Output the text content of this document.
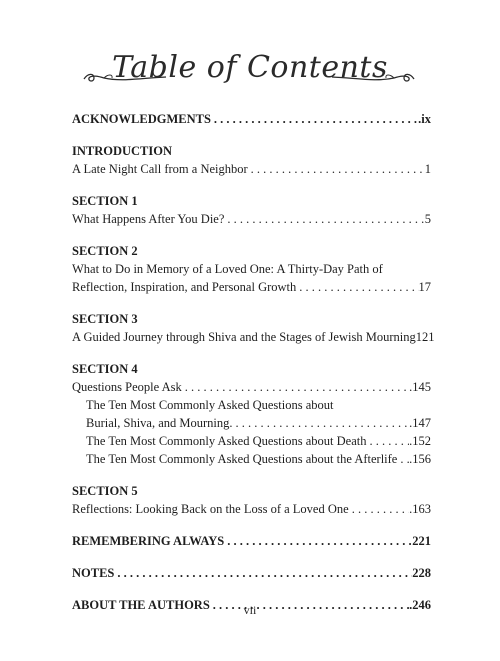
Table of Contents
ACKNOWLEDGMENTS . . .	.ix
INTRODUCTION
A Late Night Call from a Neighbor . . .	1
SECTION 1
What Happens After You Die? . . .	5
SECTION 2
What to Do in Memory of a Loved One: A Thirty-Day Path of
Reflection, Inspiration, and Personal Growth . . .	17
SECTION 3
A Guided Journey through Shiva and the Stages of Jewish Mourning 121
SECTION 4
Questions People Ask . . .	.145
The Ten Most Commonly Asked Questions about
Burial, Shiva, and Mourning. . . .	.147
The Ten Most Commonly Asked Questions about Death . . .	.152
The Ten Most Commonly Asked Questions about the Afterlife . . . .156
SECTION 5
Reflections: Looking Back on the Loss of a Loved One . . .	.163
REMEMBERING ALWAYS . . .	221
NOTES . . .	228
ABOUT THE AUTHORS . . .	.246
vii
